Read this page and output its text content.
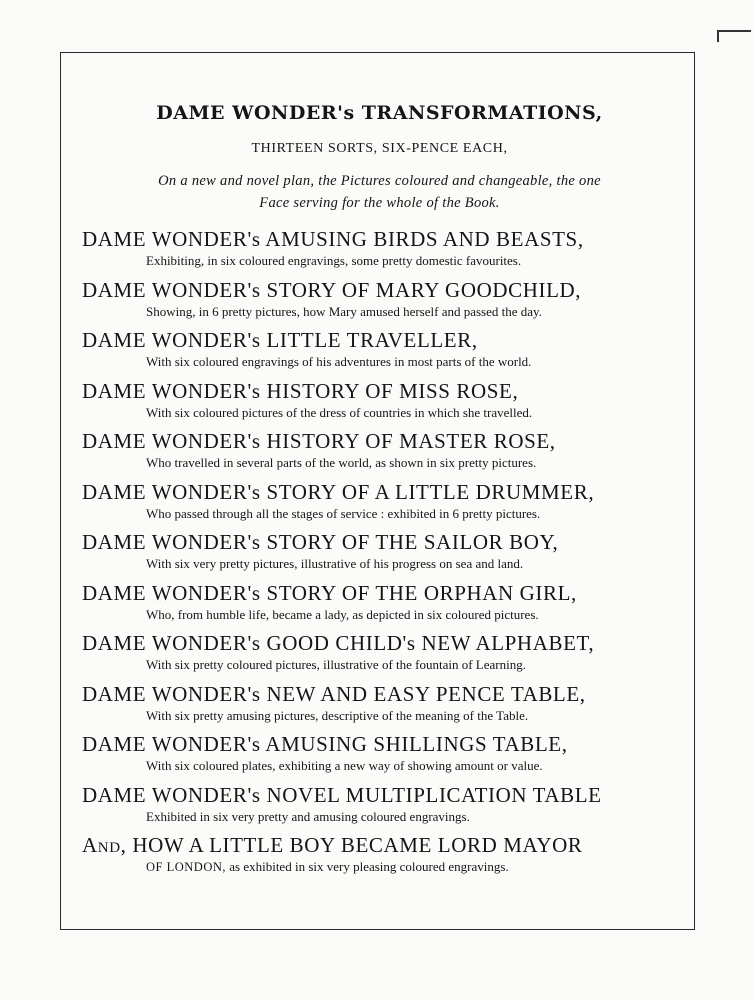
DAME WONDER's TRANSFORMATIONS,

THIRTEEN SORTS, SIX-PENCE EACH,

On a new and novel plan, the Pictures coloured and changeable, the one
Face serving for the whole of the Book.

DAME WONDER's AMUSING BIRDS AND BEASTS,
Exhibiting, in six coloured engravings, some pretty domestic favourites.
DAME WONDER's STORY OF MARY GOODCHILD,
Showing, in 6 pretty pictures, how Mary amused herself and passed the day.
DAME WONDER's LITTLE TRAVELLER,
With six coloured engravings of his adventures in most parts of the world.
DAME WONDER's HISTORY OF MISS ROSE,
With six coloured pictures of the dress of countries in which she travelled.
DAME WONDER's HISTORY OF MASTER ROSE,
Who travelled in several parts of the world, as shown in six pretty pictures.
DAME WONDER's STORY OF A LITTLE DRUMMER,
Who passed through all the stages of service : exhibited in 6 pretty pictures.
DAME WONDER's STORY OF THE SAILOR BOY,
With six very pretty pictures, illustrative of his progress on sea and land.
DAME WONDER's STORY OF THE ORPHAN GIRL,
Who, from humble life, became a lady, as depicted in six coloured pictures.
DAME WONDER's GOOD CHILD's NEW ALPHABET,
With six pretty coloured pictures, illustrative of the fountain of Learning.
DAME WONDER's NEW AND EASY PENCE TABLE,
With six pretty amusing pictures, descriptive of the meaning of the Table.
DAME WONDER's AMUSING SHILLINGS TABLE,
With six coloured plates, exhibiting a new way of showing amount or value.
DAME WONDER's NOVEL MULTIPLICATION TABLE
Exhibited in six very pretty and amusing coloured engravings.
And, HOW A LITTLE BOY BECAME LORD MAYOR
OF LONDON, as exhibited in six very pleasing coloured engravings.
